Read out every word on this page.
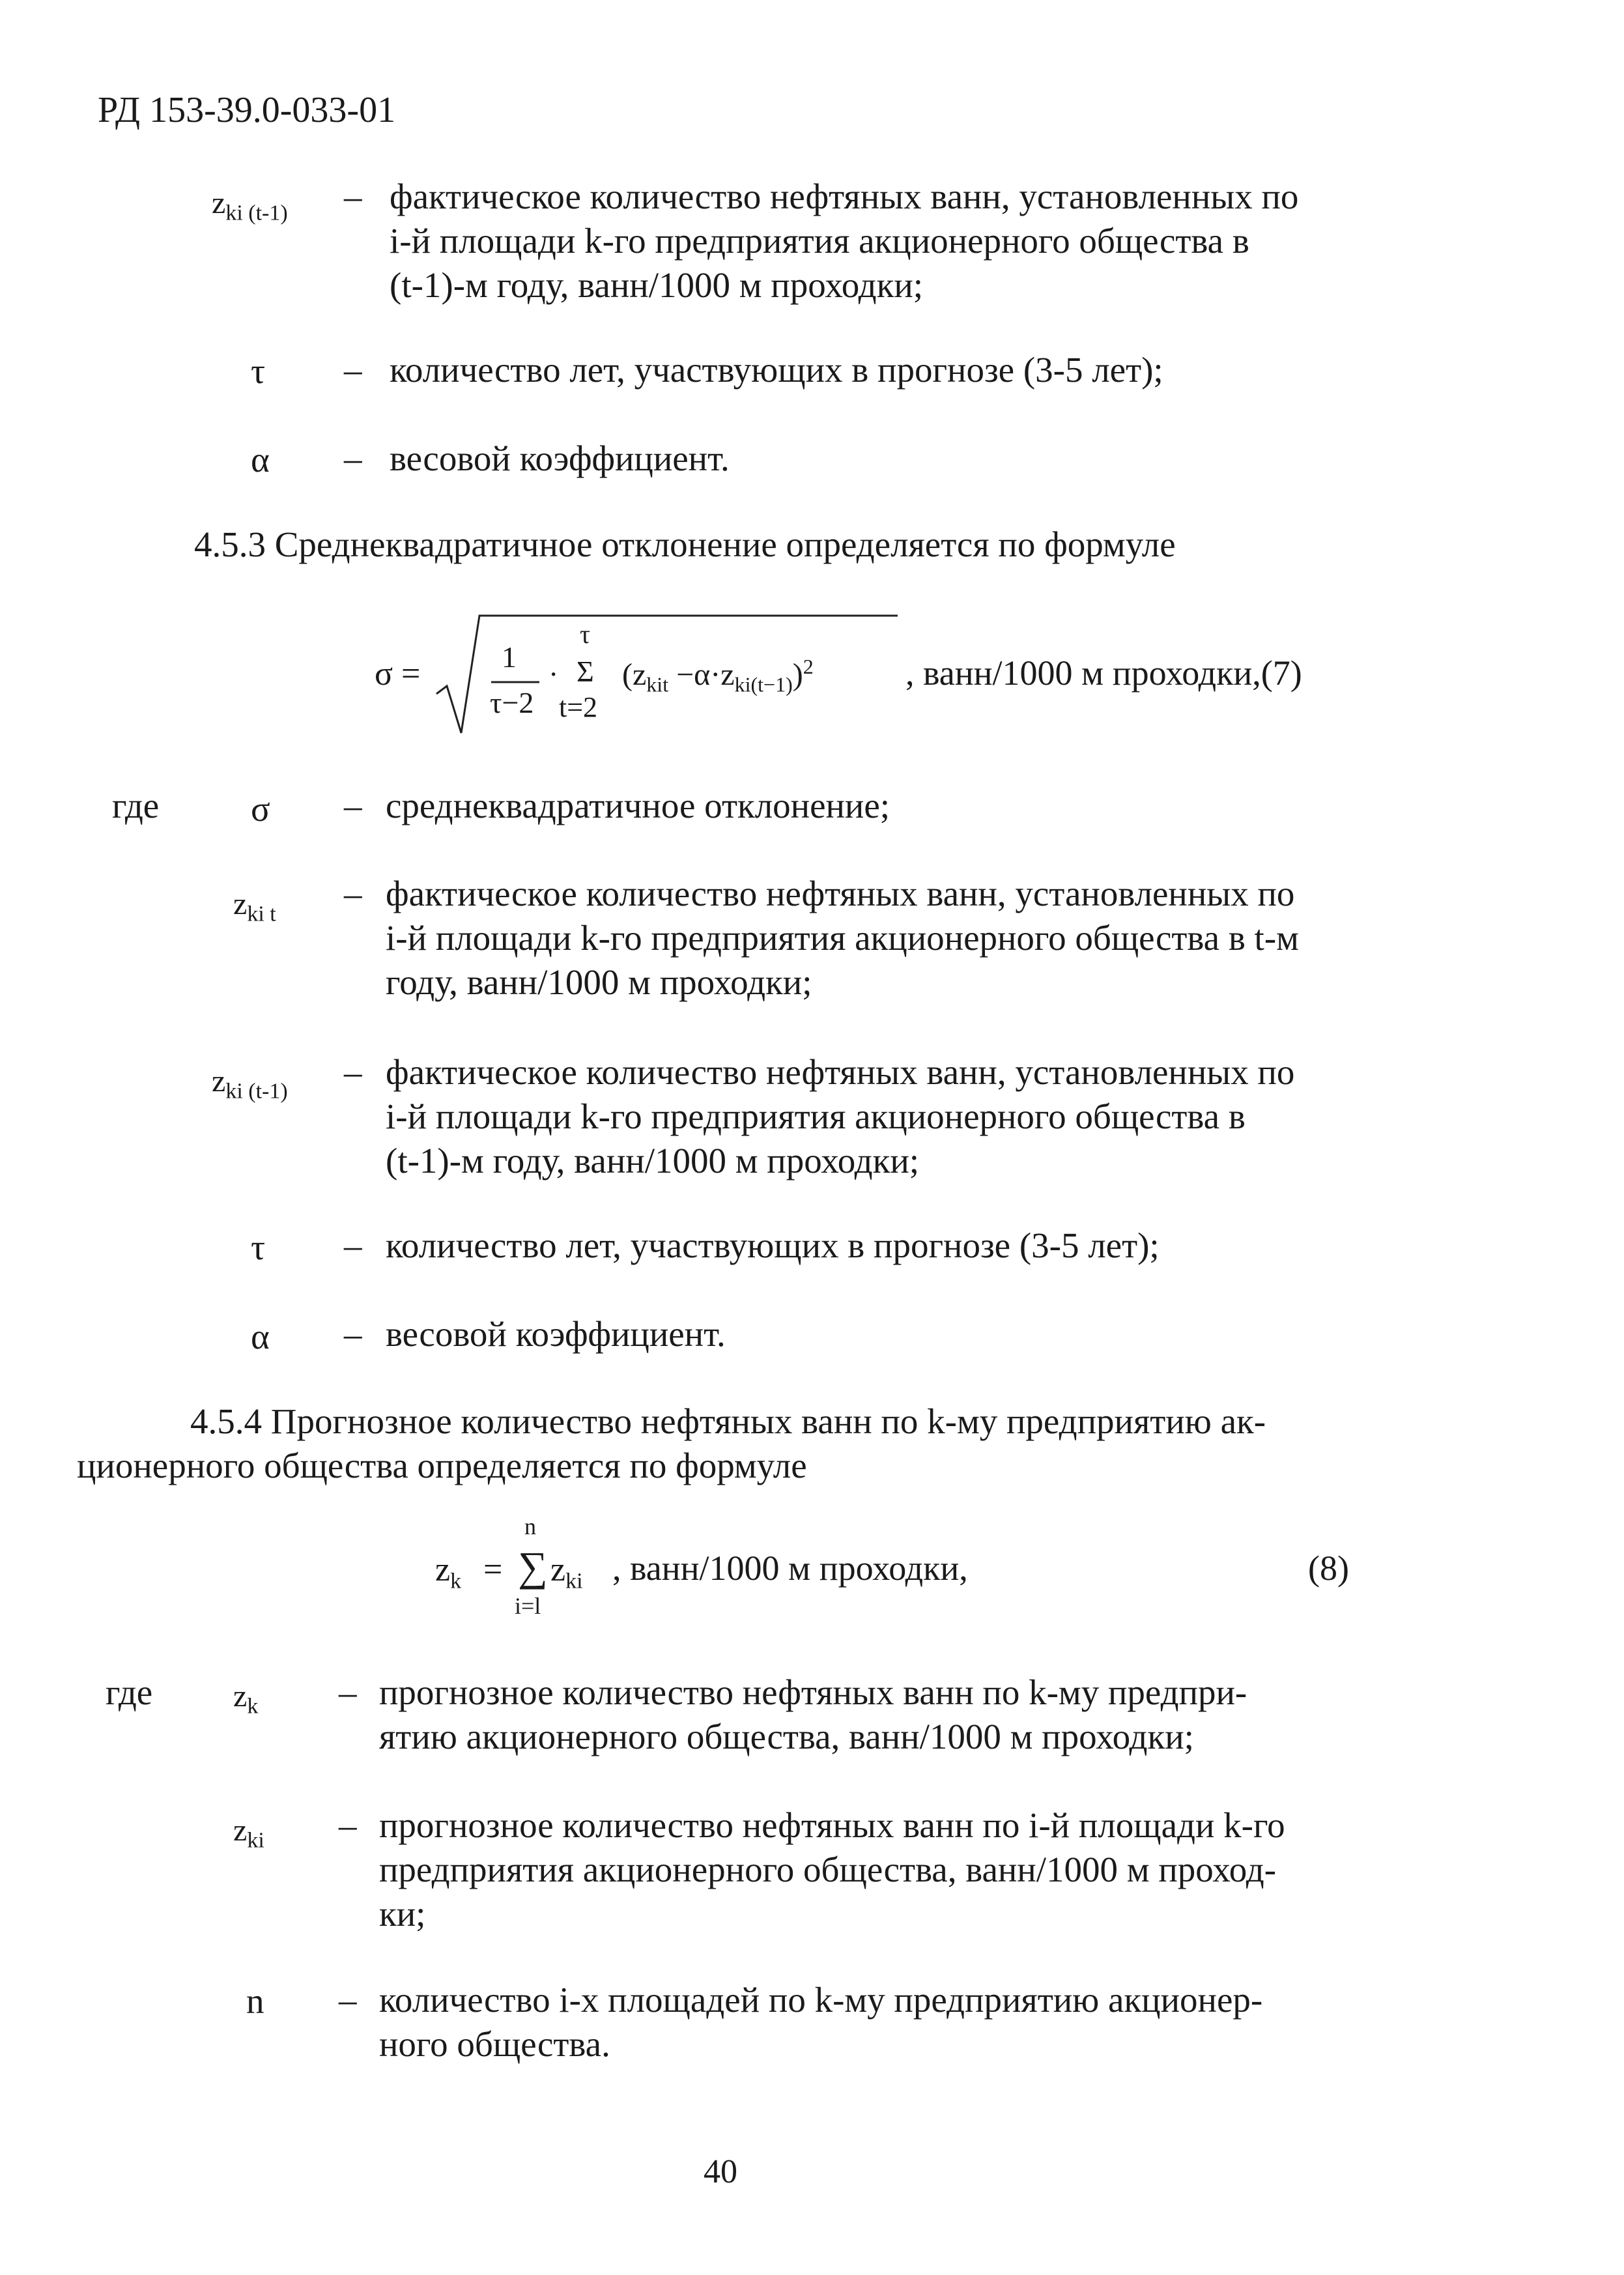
РД 153-39.0-033-01
$z_{ki (t-1)}$ – фактическое количество нефтяных ванн, установленных по
i-й площади k-го предприятия акционерного общества в
(t-1)-м году, ванн/1000 м проходки;
τ – количество лет, участвующих в прогнозе (3-5 лет);
α – весовой коэффициент.
4.5.3 Среднеквадратичное отклонение определяется по формуле
σ =	1
τ−2
·
τ
Σ
t=2
$(z_{kit} -\alpha\cdot z_{ki(t-1)})^2$	, ванн/1000 м проходки,(7)
где	σ – среднеквадратичное отклонение;
$z_{ki t}$
– фактическое количество нефтяных ванн, установленных по
i-й площади k-го предприятия акционерного общества в t-м
году, ванн/1000 м проходки;
$z_{ki (t-1)}$ – фактическое количество нефтяных ванн, установленных по
i-й площади k-го предприятия акционерного общества в
(t-1)-м году, ванн/1000 м проходки;
τ – количество лет, участвующих в прогнозе (3-5 лет);
α – весовой коэффициент.
4.5.4 Прогнозное количество нефтяных ванн по k-му предприятию ак-
ционерного общества определяется по формуле
$z_k$ =
n
∑
i=l
$z_{ki}$ , ванн/1000 м проходки,	(8)
где	$z_k$ – прогнозное количество нефтяных ванн по k-му предпри-
ятию акционерного общества, ванн/1000 м проходки;
$z_{ki}$ – прогнозное количество нефтяных ванн по i-й площади k-го
предприятия акционерного общества, ванн/1000 м проход-
ки;
n – количество i-х площадей по k-му предприятию акционер-
ного общества.
40
